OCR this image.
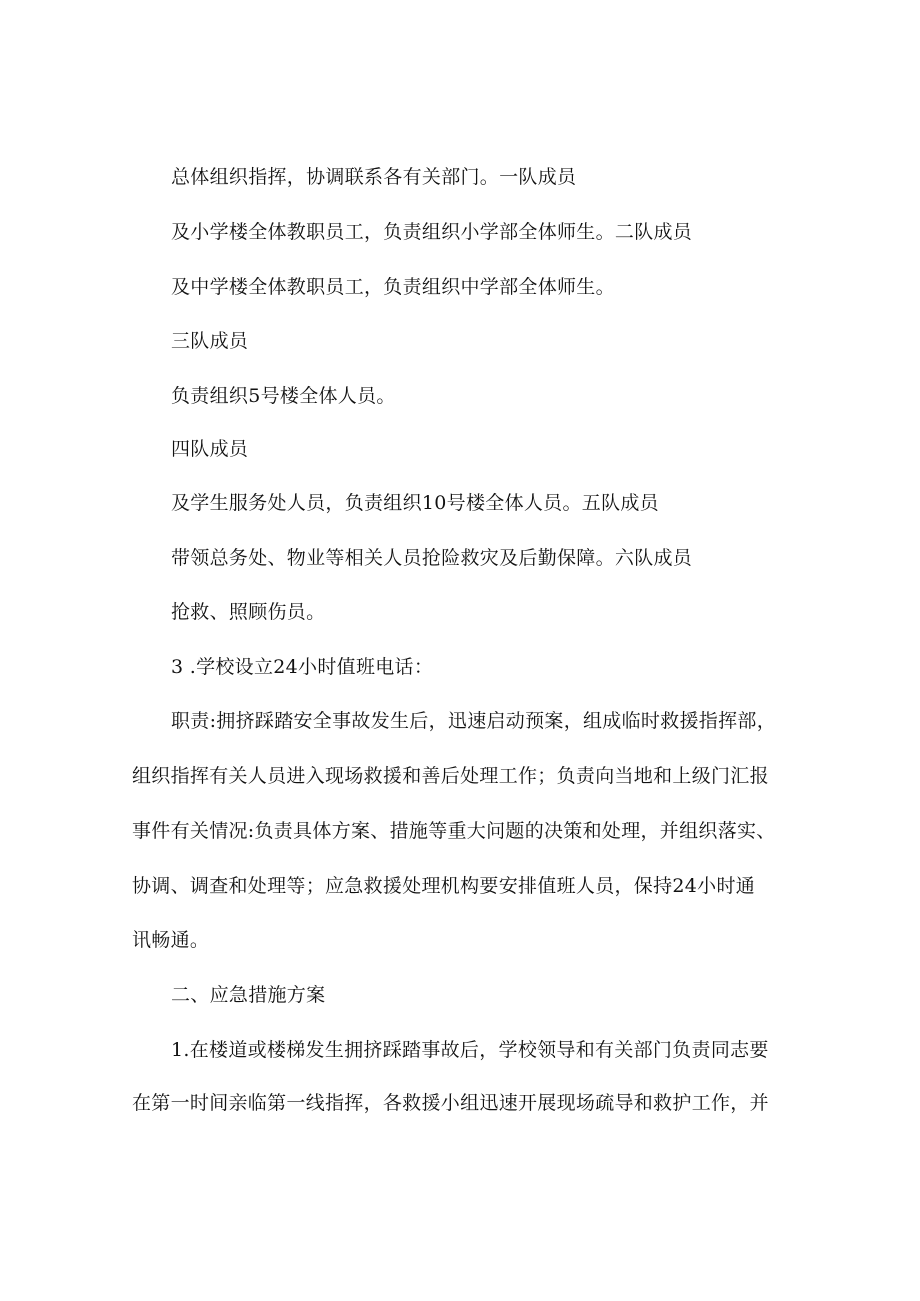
总体组织指挥，协调联系各有关部门。一队成员
及小学楼全体教职员工，负责组织小学部全体师生。二队成员
及中学楼全体教职员工，负责组织中学部全体师生。
三队成员
负责组织5号楼全体人员。
四队成员
及学生服务处人员，负责组织10号楼全体人员。五队成员
带领总务处、物业等相关人员抢险救灾及后勤保障。六队成员
抢救、照顾伤员。
3 .学校设立24小时值班电话：
职责:拥挤踩踏安全事故发生后，迅速启动预案，组成临时救援指挥部，
组织指挥有关人员进入现场救援和善后处理工作；负责向当地和上级门汇报
事件有关情况:负责具体方案、措施等重大问题的决策和处理，并组织落实、
协调、调查和处理等；应急救援处理机构要安排值班人员，保持24小时通
讯畅通。
二、应急措施方案
1.在楼道或楼梯发生拥挤踩踏事故后，学校领导和有关部门负责同志要
在第一时间亲临第一线指挥，各救援小组迅速开展现场疏导和救护工作，并
